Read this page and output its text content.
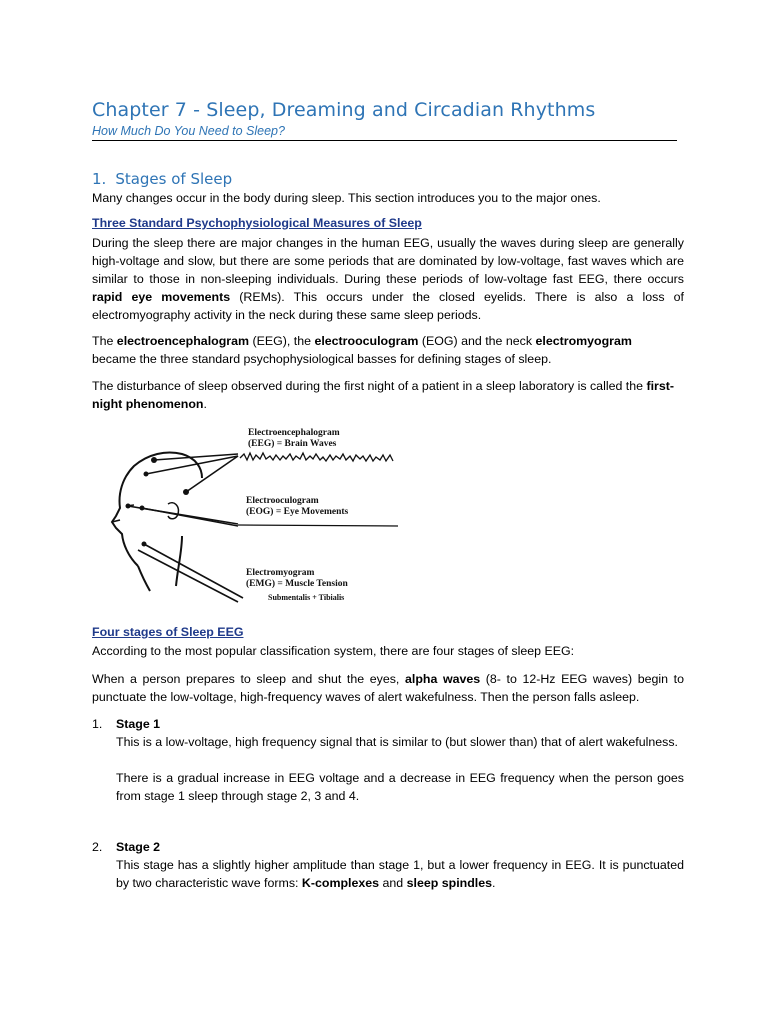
Chapter 7 - Sleep, Dreaming and Circadian Rhythms
How Much Do You Need to Sleep?
1. Stages of Sleep

Many changes occur in the body during sleep. This section introduces you to the major ones.

Three Standard Psychophysiological Measures of Sleep

During the sleep there are major changes in the human EEG, usually the waves during sleep are generally high-voltage and slow, but there are some periods that are dominated by low-voltage, fast waves which are similar to those in non-sleeping individuals. During these periods of low-voltage fast EEG, there occurs rapid eye movements (REMs). This occurs under the closed eyelids. There is also a loss of electromyography activity in the neck during these same sleep periods.

The electroencephalogram (EEG), the electrooculogram (EOG) and the neck electromyogram
became the three standard psychophysiological basses for defining stages of sleep.

The disturbance of sleep observed during the first night of a patient in a sleep laboratory is called the first-night phenomenon.

Electroencephalogram
(EEG) = Brain Waves
Electrooculogram
(EOG) = Eye Movements
Electromyogram
(EMG) = Muscle Tension
Submentalis + Tibialis
Four stages of Sleep EEG

According to the most popular classification system, there are four stages of sleep EEG:

When a person prepares to sleep and shut the eyes, alpha waves (8- to 12-Hz EEG waves) begin to punctuate the low-voltage, high-frequency waves of alert wakefulness. Then the person falls asleep.

1. Stage 1
This is a low-voltage, high frequency signal that is similar to (but slower than) that of alert wakefulness.
There is a gradual increase in EEG voltage and a decrease in EEG frequency when the person goes from stage 1 sleep through stage 2, 3 and 4.
2. Stage 2
This stage has a slightly higher amplitude than stage 1, but a lower frequency in EEG. It is punctuated by two characteristic wave forms: K-complexes and sleep spindles.
